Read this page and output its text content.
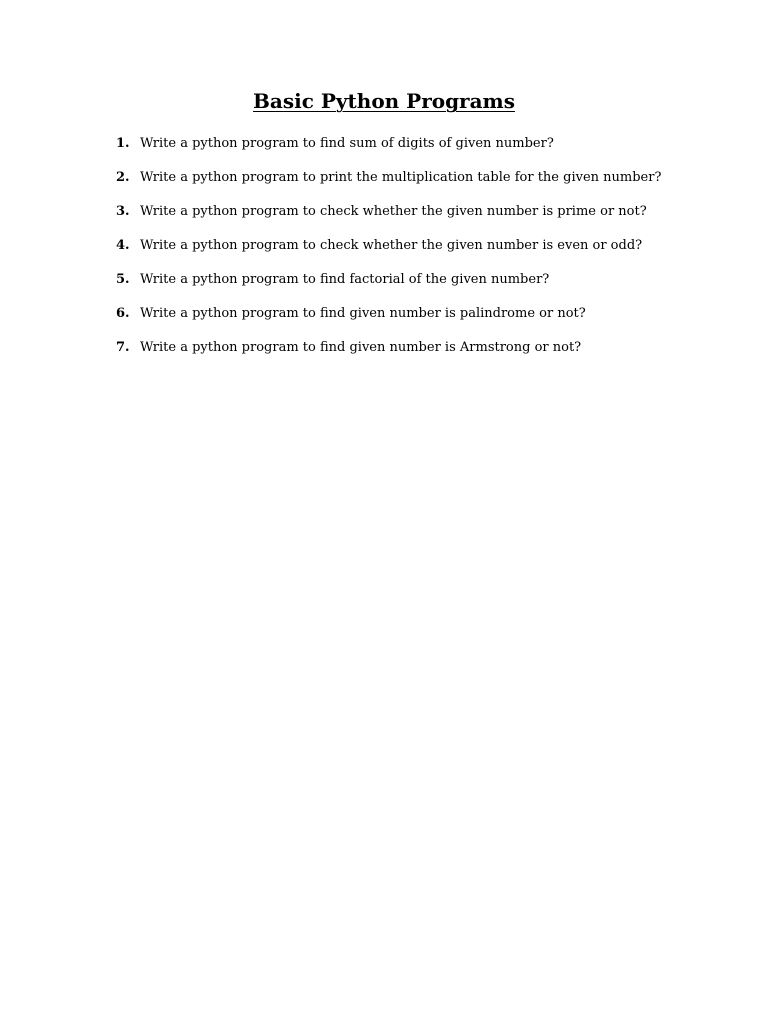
Basic Python Programs
1. Write a python program to find sum of digits of given number?
2. Write a python program to print the multiplication table for the given number?
3. Write a python program to check whether the given number is prime or not?
4. Write a python program to check whether the given number is even or odd?
5. Write a python program to find factorial of the given number?
6. Write a python program to find given number is palindrome or not?
7. Write a python program to find given number is Armstrong or not?
